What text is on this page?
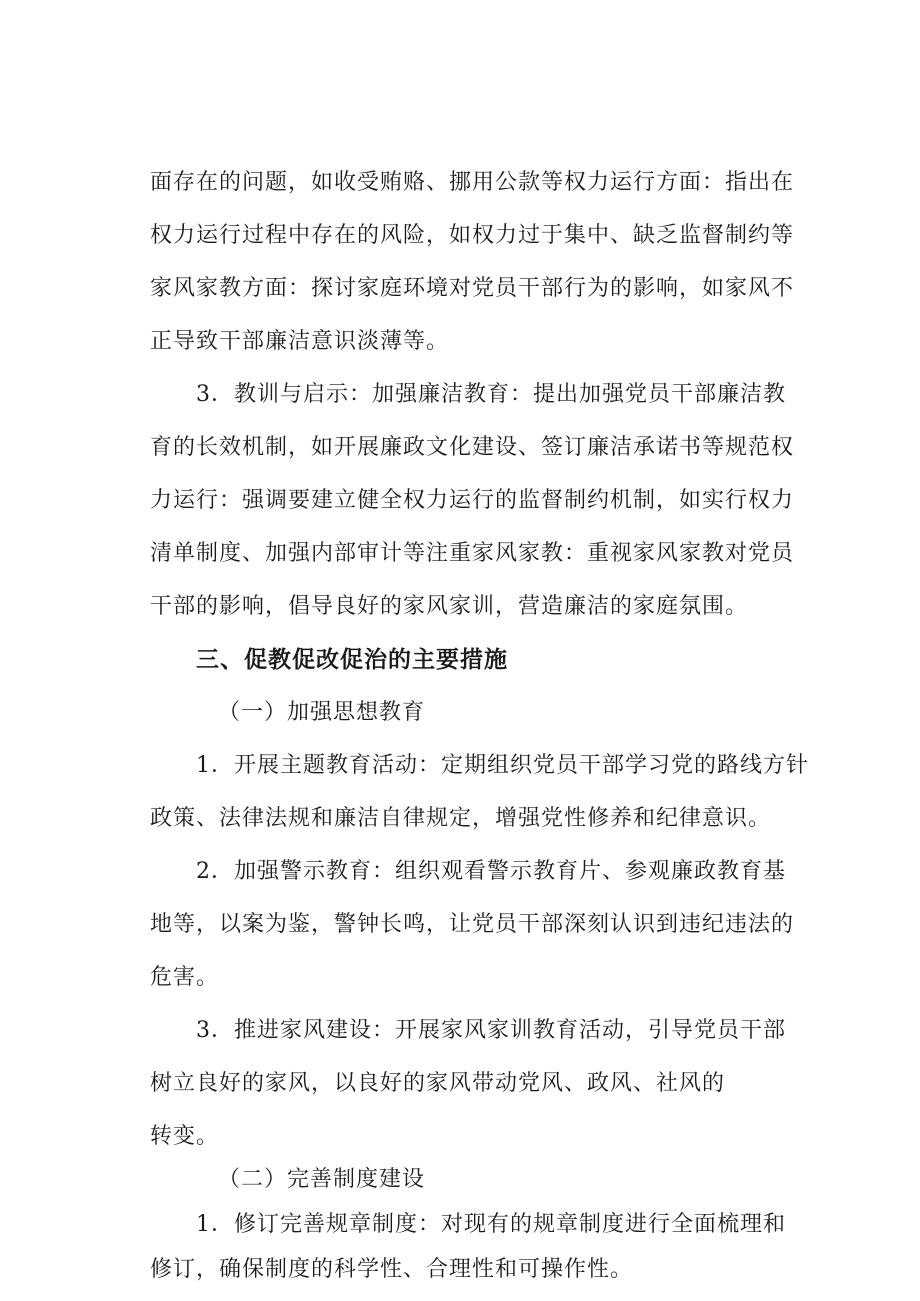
面存在的问题，如收受贿赂、挪用公款等权力运行方面：指出在
权力运行过程中存在的风险，如权力过于集中、缺乏监督制约等
家风家教方面：探讨家庭环境对党员干部行为的影响，如家风不
正导致干部廉洁意识淡薄等。
3．教训与启示：加强廉洁教育：提出加强党员干部廉洁教
育的长效机制，如开展廉政文化建设、签订廉洁承诺书等规范权
力运行：强调要建立健全权力运行的监督制约机制，如实行权力
清单制度、加强内部审计等注重家风家教：重视家风家教对党员
干部的影响，倡导良好的家风家训，营造廉洁的家庭氛围。
三、促教促改促治的主要措施
（一）加强思想教育
1．开展主题教育活动：定期组织党员干部学习党的路线方针
政策、法律法规和廉洁自律规定，增强党性修养和纪律意识。
2．加强警示教育：组织观看警示教育片、参观廉政教育基
地等，以案为鉴，警钟长鸣，让党员干部深刻认识到违纪违法的
危害。
3．推进家风建设：开展家风家训教育活动，引导党员干部
树立良好的家风，以良好的家风带动党风、政风、社风的
转变。
（二）完善制度建设
1．修订完善规章制度：对现有的规章制度进行全面梳理和
修订，确保制度的科学性、合理性和可操作性。
